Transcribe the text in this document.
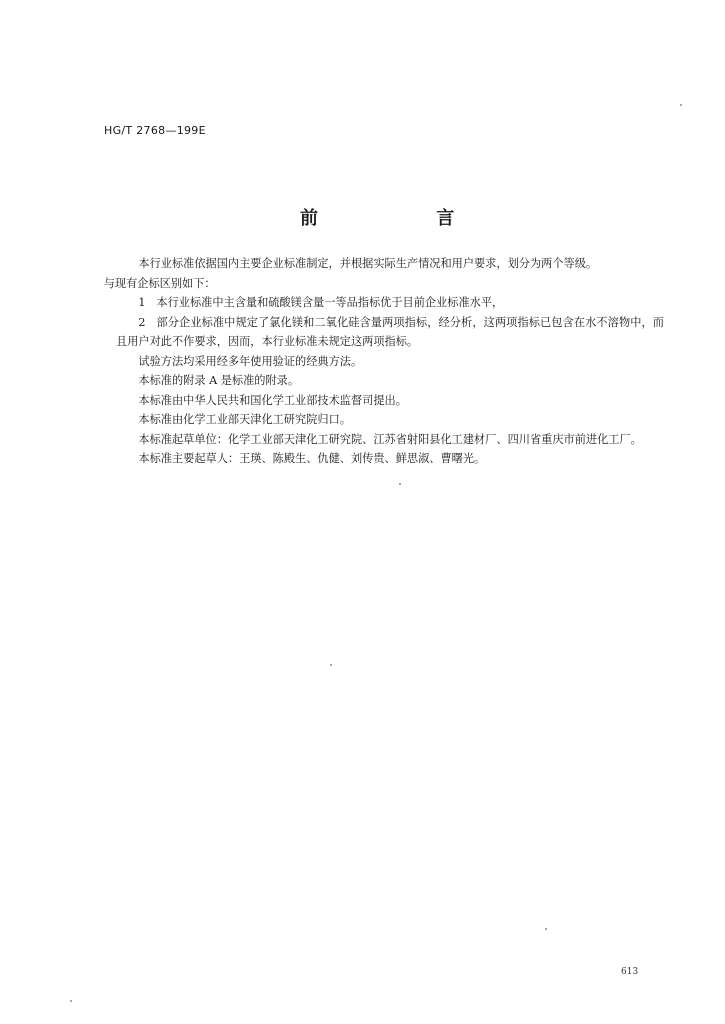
HG/T 2768—199E
前 言

本行业标准依据国内主要企业标准制定，并根据实际生产情况和用户要求，划分为两个等级。

与现有企标区别如下：

1 本行业标准中主含量和硫酸镁含量一等品指标优于目前企业标准水平，

2 部分企业标准中规定了氯化镁和二氧化硅含量两项指标，经分析，这两项指标已包含在水不溶物中，而且用户对此不作要求，因而，本行业标准未规定这两项指标。

试验方法均采用经多年使用验证的经典方法。

本标准的附录 A 是标准的附录。

本标准由中华人民共和国化学工业部技术监督司提出。

本标准由化学工业部天津化工研究院归口。

本标准起草单位：化学工业部天津化工研究院、江苏省射阳县化工建材厂、四川省重庆市前进化工厂。

本标准主要起草人：王瑛、陈殿生、仇健、刘传贵、鲜思淑、曹曙光。

613
